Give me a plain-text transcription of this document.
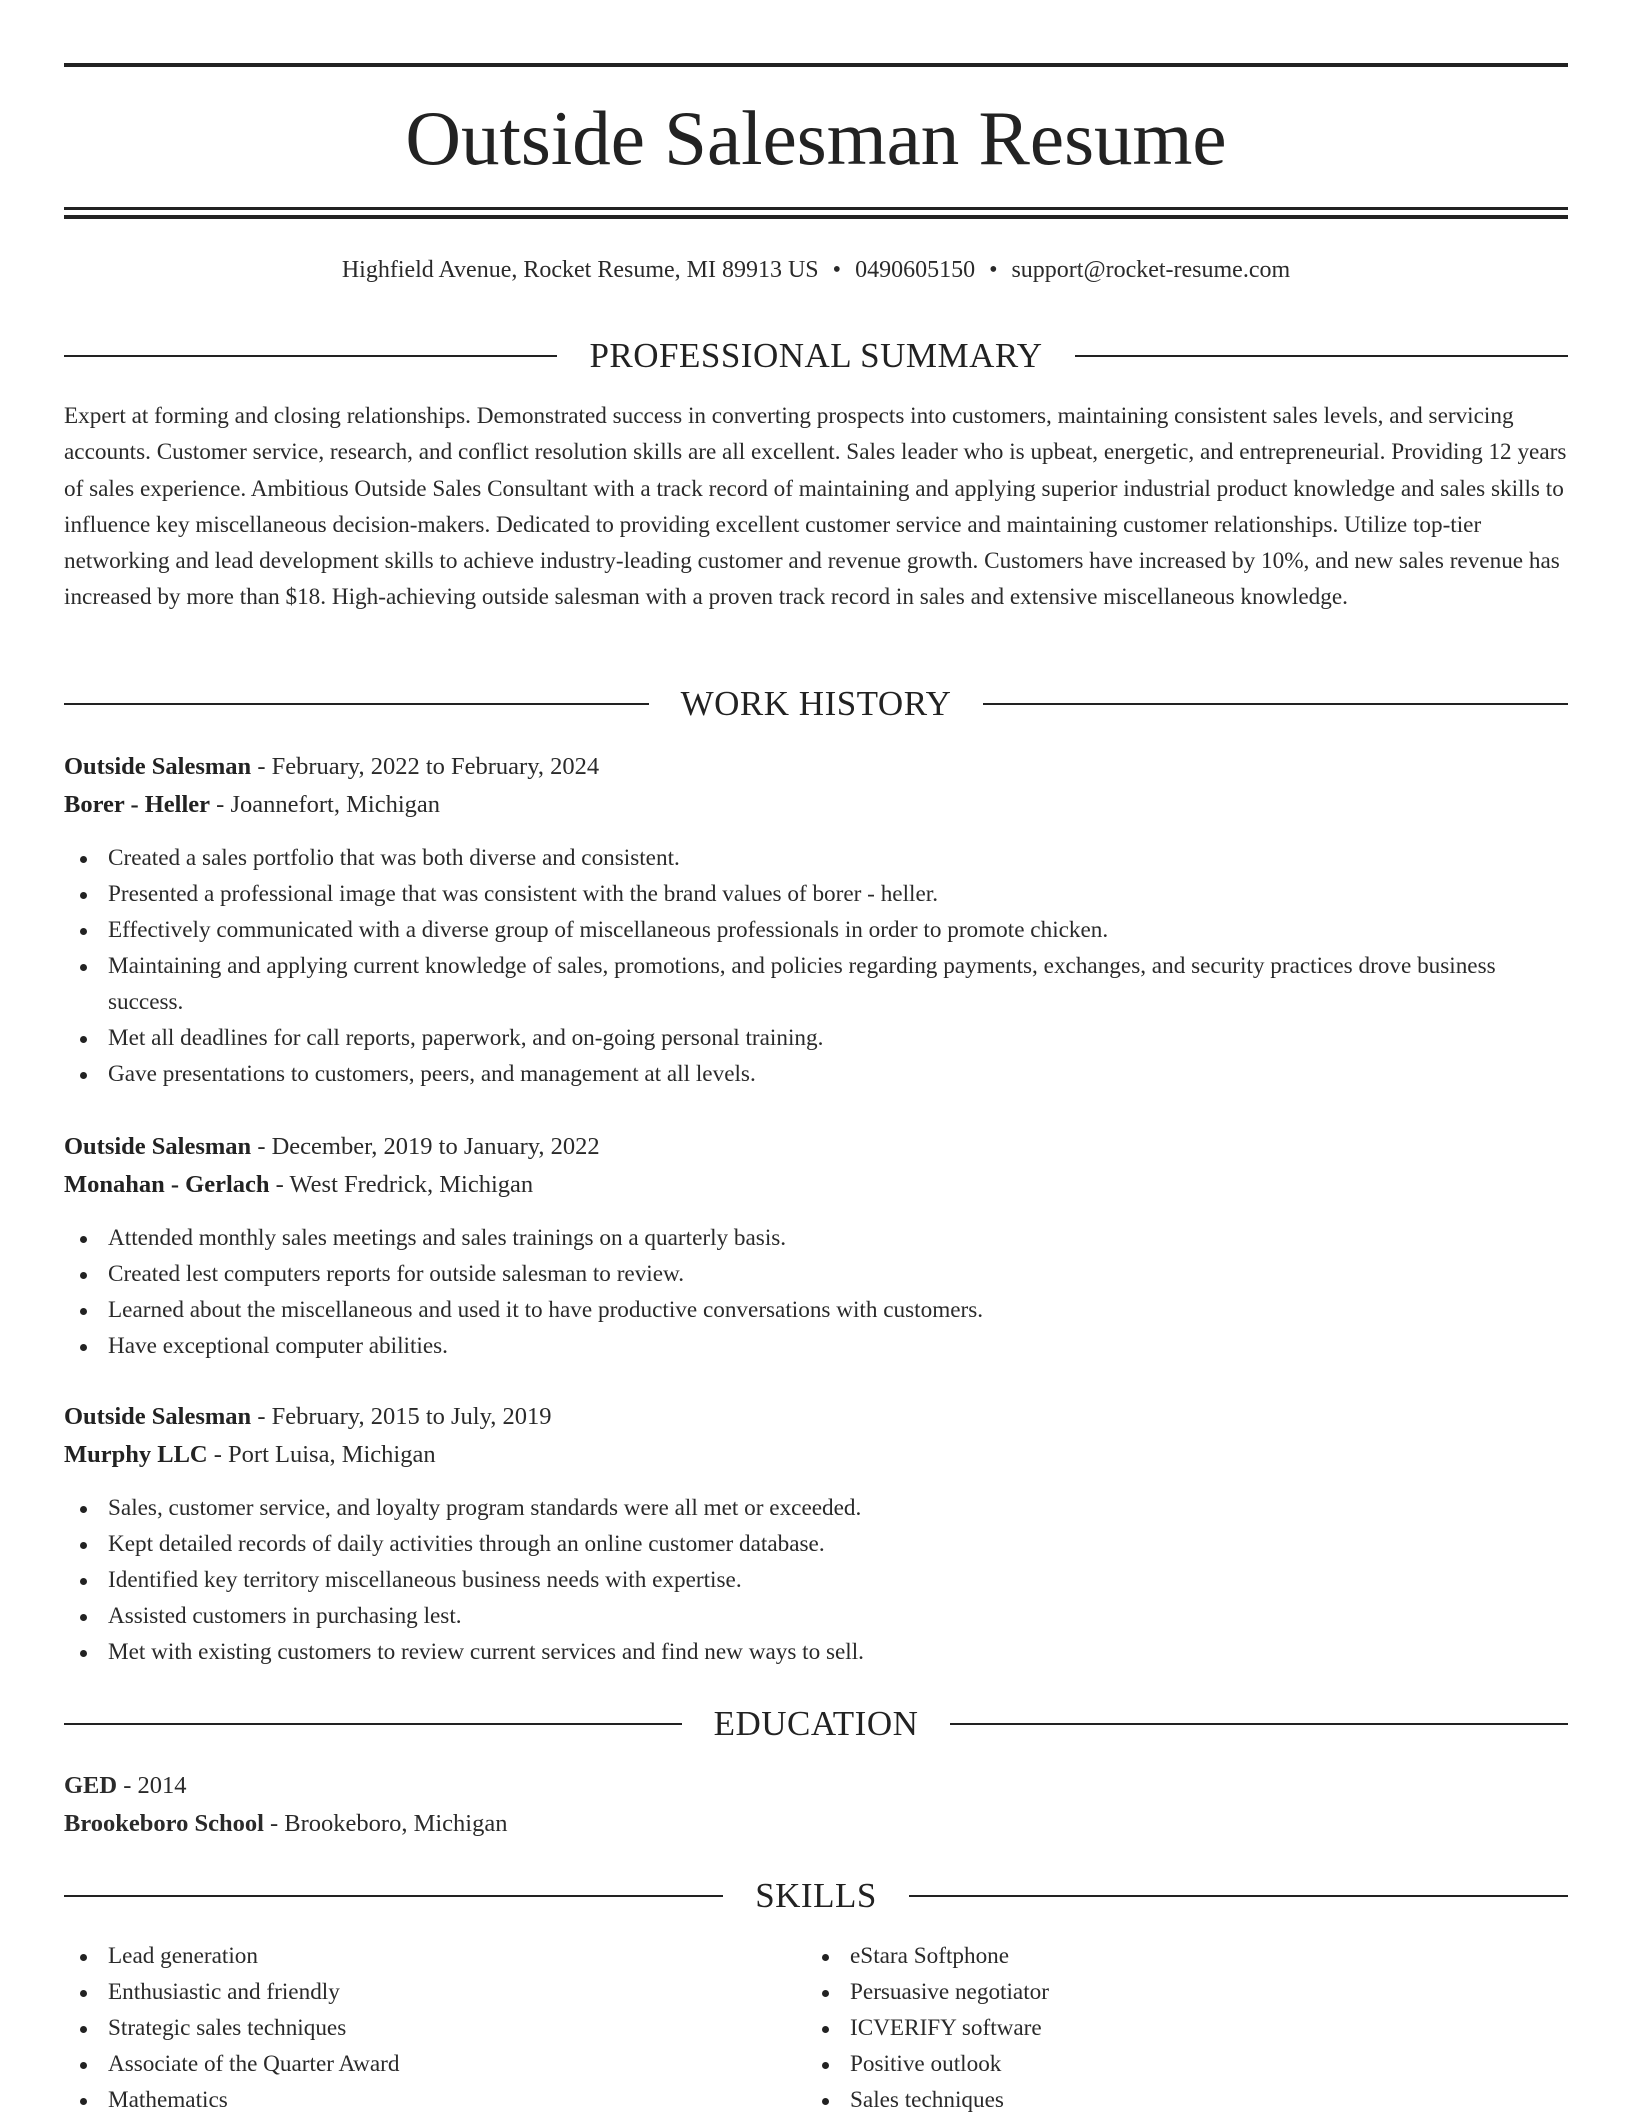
Outside Salesman Resume
Highfield Avenue, Rocket Resume, MI 89913 US • 0490605150 • support@rocket-resume.com
PROFESSIONAL SUMMARY

Expert at forming and closing relationships. Demonstrated success in converting prospects into customers, maintaining consistent sales levels, and servicing accounts. Customer service, research, and conflict resolution skills are all excellent. Sales leader who is upbeat, energetic, and entrepreneurial. Providing 12 years of sales experience. Ambitious Outside Sales Consultant with a track record of maintaining and applying superior industrial product knowledge and sales skills to influence key miscellaneous decision-makers. Dedicated to providing excellent customer service and maintaining customer relationships. Utilize top-tier networking and lead development skills to achieve industry-leading customer and revenue growth. Customers have increased by 10%, and new sales revenue has increased by more than $18. High-achieving outside salesman with a proven track record in sales and extensive miscellaneous knowledge.

WORK HISTORY
Outside Salesman - February, 2022 to February, 2024
Borer - Heller - Joannefort, Michigan
Created a sales portfolio that was both diverse and consistent.
Presented a professional image that was consistent with the brand values of borer - heller.
Effectively communicated with a diverse group of miscellaneous professionals in order to promote chicken.
Maintaining and applying current knowledge of sales, promotions, and policies regarding payments, exchanges, and security practices drove business success.
Met all deadlines for call reports, paperwork, and on-going personal training.
Gave presentations to customers, peers, and management at all levels.
Outside Salesman - December, 2019 to January, 2022
Monahan - Gerlach - West Fredrick, Michigan
Attended monthly sales meetings and sales trainings on a quarterly basis.
Created lest computers reports for outside salesman to review.
Learned about the miscellaneous and used it to have productive conversations with customers.
Have exceptional computer abilities.
Outside Salesman - February, 2015 to July, 2019
Murphy LLC - Port Luisa, Michigan
Sales, customer service, and loyalty program standards were all met or exceeded.
Kept detailed records of daily activities through an online customer database.
Identified key territory miscellaneous business needs with expertise.
Assisted customers in purchasing lest.
Met with existing customers to review current services and find new ways to sell.
EDUCATION
GED - 2014
Brookeboro School - Brookeboro, Michigan
SKILLS
Lead generation
Enthusiastic and friendly
Strategic sales techniques
Associate of the Quarter Award
Mathematics
eStara Softphone
Persuasive negotiator
ICVERIFY software
Positive outlook
Sales techniques
